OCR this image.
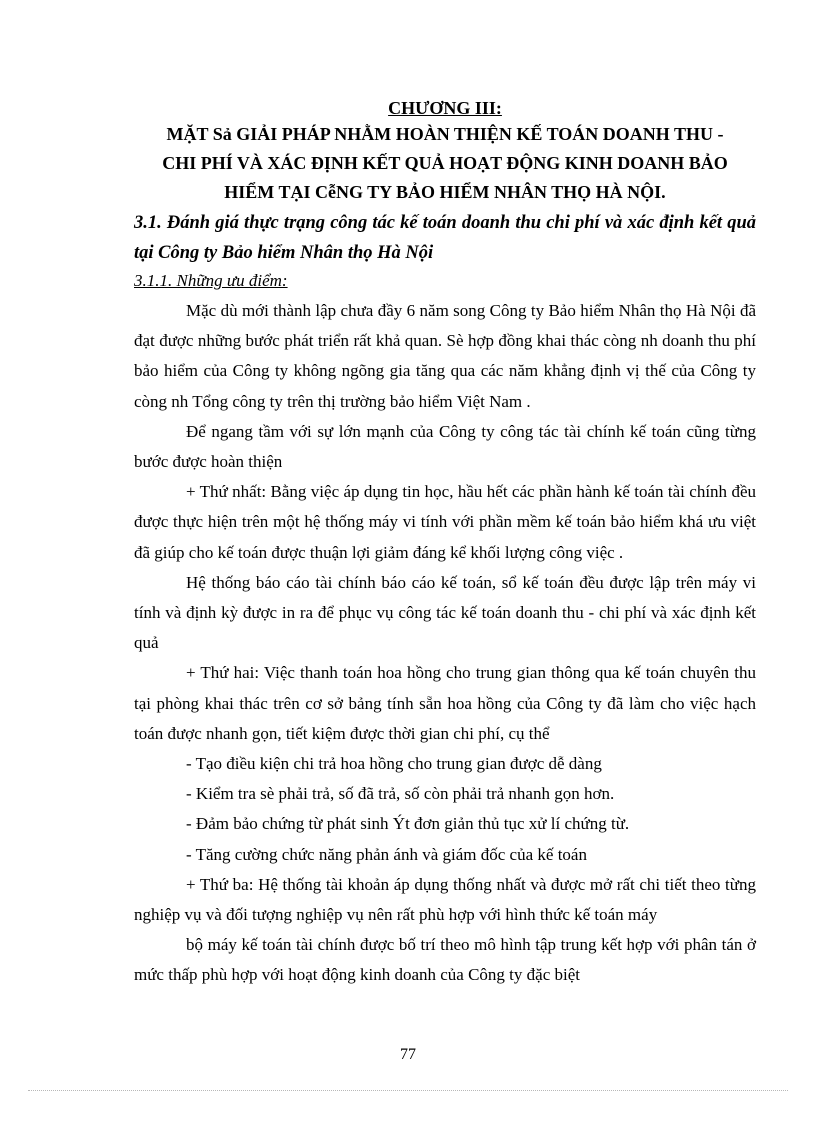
CHƯƠNG III:
MẶT Sả GIẢI PHÁP NHẰM HOÀN THIỆN KẾ TOÁN DOANH THU -
CHI PHÍ VÀ XÁC ĐỊNH KẾT QUẢ HOẠT ĐỘNG KINH DOANH BẢO
HIỂM TẠI CễNG TY BẢO HIỂM NHÂN THỌ HÀ NỘI.
3.1. Đánh giá thực trạng công tác kế toán doanh thu chi phí và xác định kết quả tại Công ty Bảo hiểm Nhân thọ Hà Nội
3.1.1. Những ưu điểm:

Mặc dù mới thành lập chưa đầy 6 năm song Công ty Bảo hiểm Nhân thọ Hà Nội đã đạt được những bước phát triển rất khả quan. Sè hợp đồng khai thác còng nh doanh thu phí bảo hiểm của Công ty không ngõng gia tăng qua các năm khẳng định vị thế của Công ty còng nh Tổng công ty trên thị trường bảo hiểm Việt Nam .

Để ngang tầm với sự lớn mạnh của Công ty công tác tài chính kế toán cũng từng bước được hoàn thiện

+ Thứ nhất: Bằng việc áp dụng tin học, hầu hết các phần hành kế toán tài chính đều được thực hiện trên một hệ thống máy vi tính với phần mềm kế toán bảo hiểm khá ưu việt đã giúp cho kế toán được thuận lợi giảm đáng kể khối lượng công việc .

Hệ thống báo cáo tài chính báo cáo kế toán, sổ kế toán đều được lập trên máy vi tính và định kỳ được in ra để phục vụ công tác kế toán doanh thu - chi phí và xác định kết quả

+ Thứ hai: Việc thanh toán hoa hồng cho trung gian thông qua kế toán chuyên thu tại phòng khai thác trên cơ sở bảng tính sẵn hoa hồng của Công ty đã làm cho việc hạch toán được nhanh gọn, tiết kiệm được thời gian chi phí, cụ thể

- Tạo điều kiện chi trả hoa hồng cho trung gian được dễ dàng

- Kiểm tra sè phải trả, số đã trả, số còn phải trả nhanh gọn hơn.

- Đảm bảo chứng từ phát sinh Ýt đơn giản thủ tục xử lí chứng từ.

- Tăng cường chức năng phản ánh và giám đốc của kế toán

+ Thứ ba: Hệ thống tài khoản áp dụng thống nhất và được mở rất chi tiết theo từng nghiệp vụ và đối tượng nghiệp vụ nên rất phù hợp với hình thức kế toán máy

bộ máy kế toán tài chính được bố trí theo mô hình tập trung kết hợp với phân tán ở mức thấp phù hợp với hoạt động kinh doanh của Công ty đặc biệt

77
